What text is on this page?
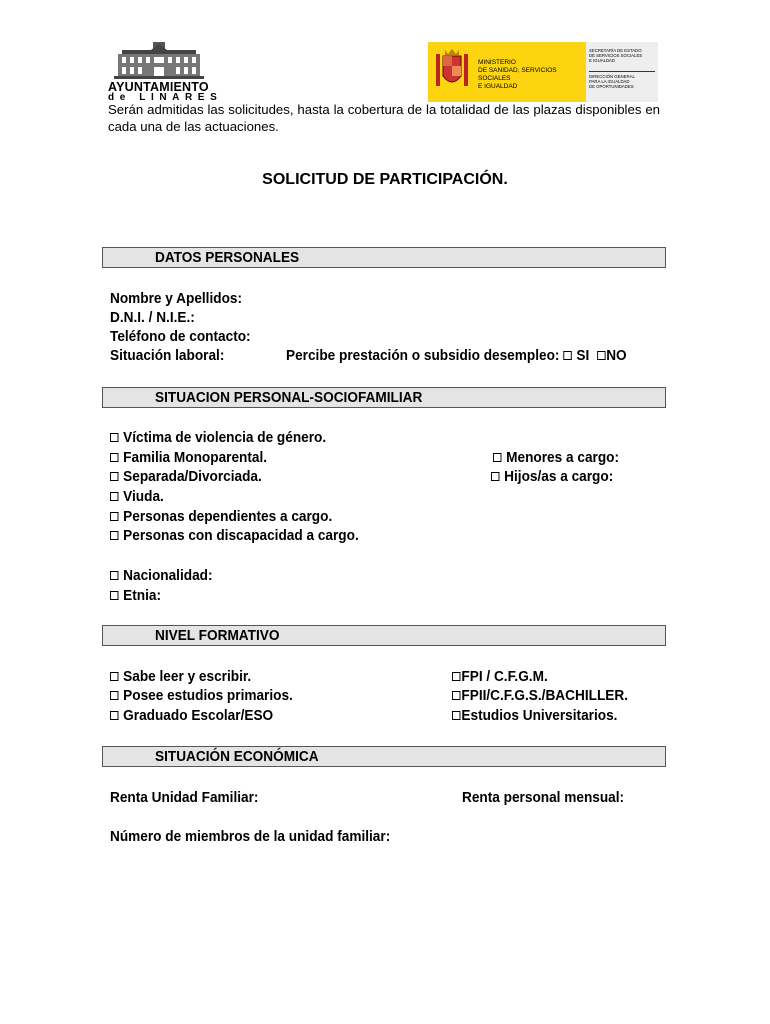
AYUNTAMIENTO
de LINARES
MINISTERIO
DE SANIDAD, SERVICIOS SOCIALES
E IGUALDAD
SECRETARÍA DE ESTADO
DE SERVICIOS SOCIALES
E IGUALDAD
DIRECCIÓN GENERAL
PARA LA IGUALDAD
DE OPORTUNIDADES
Serán admitidas las solicitudes, hasta la cobertura de la totalidad de las plazas disponibles en cada una de las actuaciones.
SOLICITUD DE PARTICIPACIÓN.
DATOS PERSONALES
Nombre y Apellidos:
D.N.I. / N.I.E.:
Teléfono de contacto:
Situación laboral:	Percibe prestación o subsidio desempleo: SI NO
SITUACION PERSONAL-SOCIOFAMILIAR
Víctima de violencia de género.
Familia Monoparental.
Separada/Divorciada.
Viuda.
Personas dependientes a cargo.
Personas con discapacidad a cargo.
Menores a cargo:
Hijos/as a cargo:
Nacionalidad:
Etnia:
NIVEL FORMATIVO
Sabe leer y escribir.
Posee estudios primarios.
Graduado Escolar/ESO
FPI / C.F.G.M.
FPII/C.F.G.S./BACHILLER.
Estudios Universitarios.
SITUACIÓN ECONÓMICA
Renta Unidad Familiar:	Renta personal mensual:
Número de miembros de la unidad familiar:
